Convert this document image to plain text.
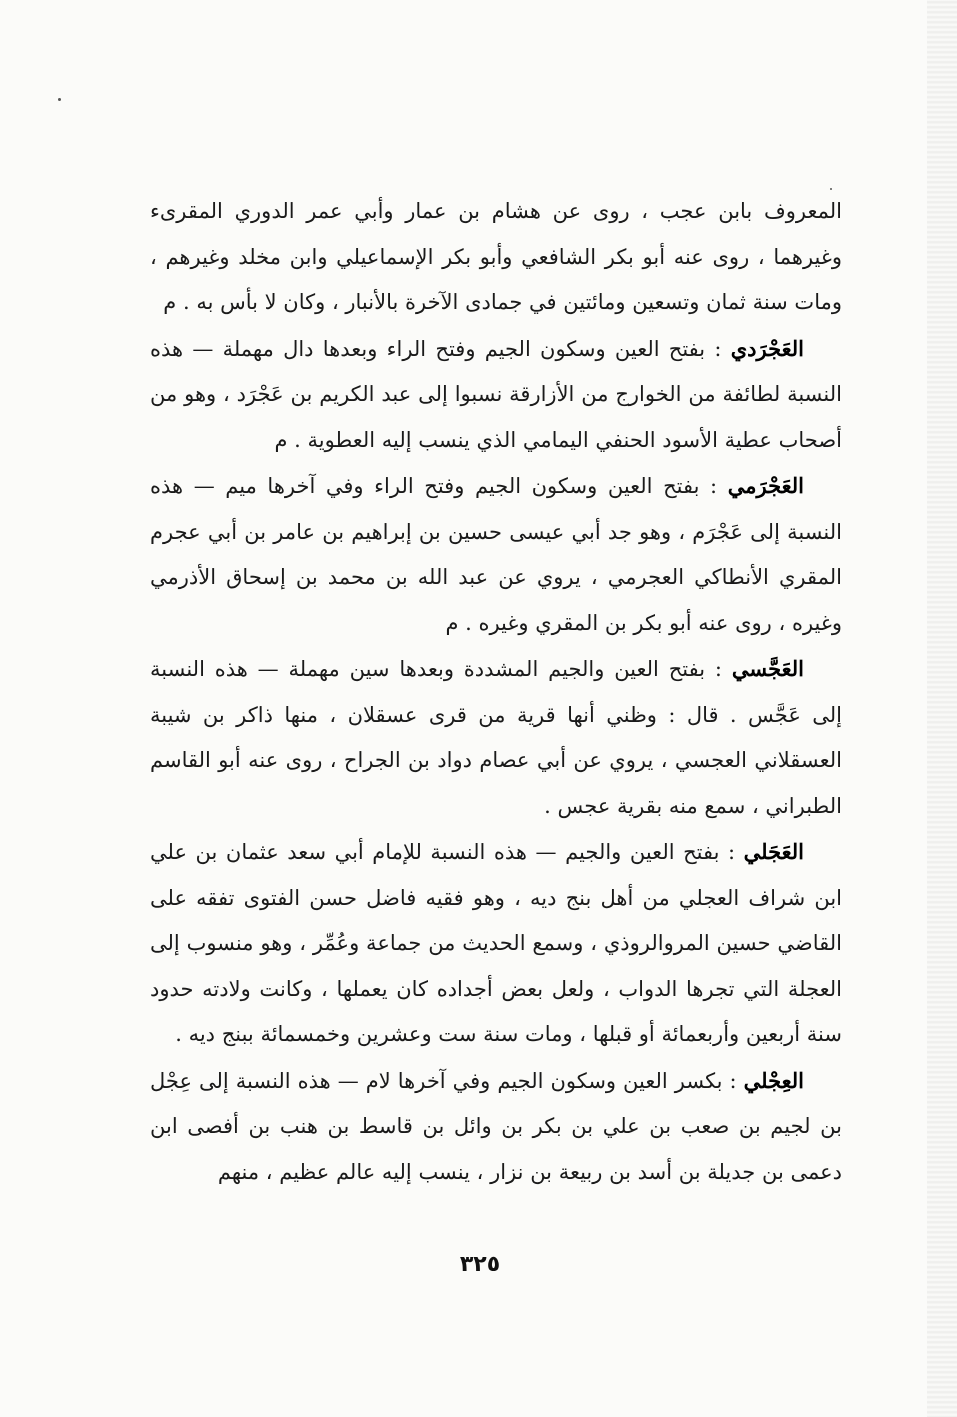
المعروف بابن عجب ، روى عن هشام بن عمار وأبي عمر الدوري المقرىء وغيرهما ، روى عنه أبو بكر الشافعي وأبو بكر الإسماعيلي وابن مخلد وغيرهم ، ومات سنة ثمان وتسعين ومائتين في جمادى الآخرة بالأنبار ، وكان لا بأس به . م

العَجْرَدي : بفتح العين وسكون الجيم وفتح الراء وبعدها دال مهملة — هذه النسبة لطائفة من الخوارج من الأزارقة نسبوا إلى عبد الكريم بن عَجْرَد ، وهو من أصحاب عطية الأسود الحنفي اليمامي الذي ينسب إليه العطوية . م

العَجْرَمي : بفتح العين وسكون الجيم وفتح الراء وفي آخرها ميم — هذه النسبة إلى عَجْرَم ، وهو جد أبي عيسى حسين بن إبراهيم بن عامر بن أبي عجرم المقري الأنطاكي العجرمي ، يروي عن عبد الله بن محمد بن إسحاق الأذرمي وغيره ، روى عنه أبو بكر بن المقري وغيره . م

العَجَّسي : بفتح العين والجيم المشددة وبعدها سين مهملة — هذه النسبة إلى عَجَّس . قال : وظني أنها قرية من قرى عسقلان ، منها ذاكر بن شيبة العسقلاني العجسي ، يروي عن أبي عصام دواد بن الجراح ، روى عنه أبو القاسم الطبراني ، سمع منه بقرية عجس .

العَجَلي : بفتح العين والجيم — هذه النسبة للإمام أبي سعد عثمان بن علي ابن شراف العجلي من أهل بنج ديه ، وهو فقيه فاضل حسن الفتوى تفقه على القاضي حسين المروالروذي ، وسمع الحديث من جماعة وعُمِّر ، وهو منسوب إلى العجلة التي تجرها الدواب ، ولعل بعض أجداده كان يعملها ، وكانت ولادته حدود سنة أربعين وأربعمائة أو قبلها ، ومات سنة ست وعشرين وخمسمائة ببنج ديه .

العِجْلي : بكسر العين وسكون الجيم وفي آخرها لام — هذه النسبة إلى عِجْل بن لجيم بن صعب بن علي بن بكر بن وائل بن قاسط بن هنب بن أفصى ابن دعمى بن جديلة بن أسد بن ربيعة بن نزار ، ينسب إليه عالم عظيم ، منهم

٣٢٥
